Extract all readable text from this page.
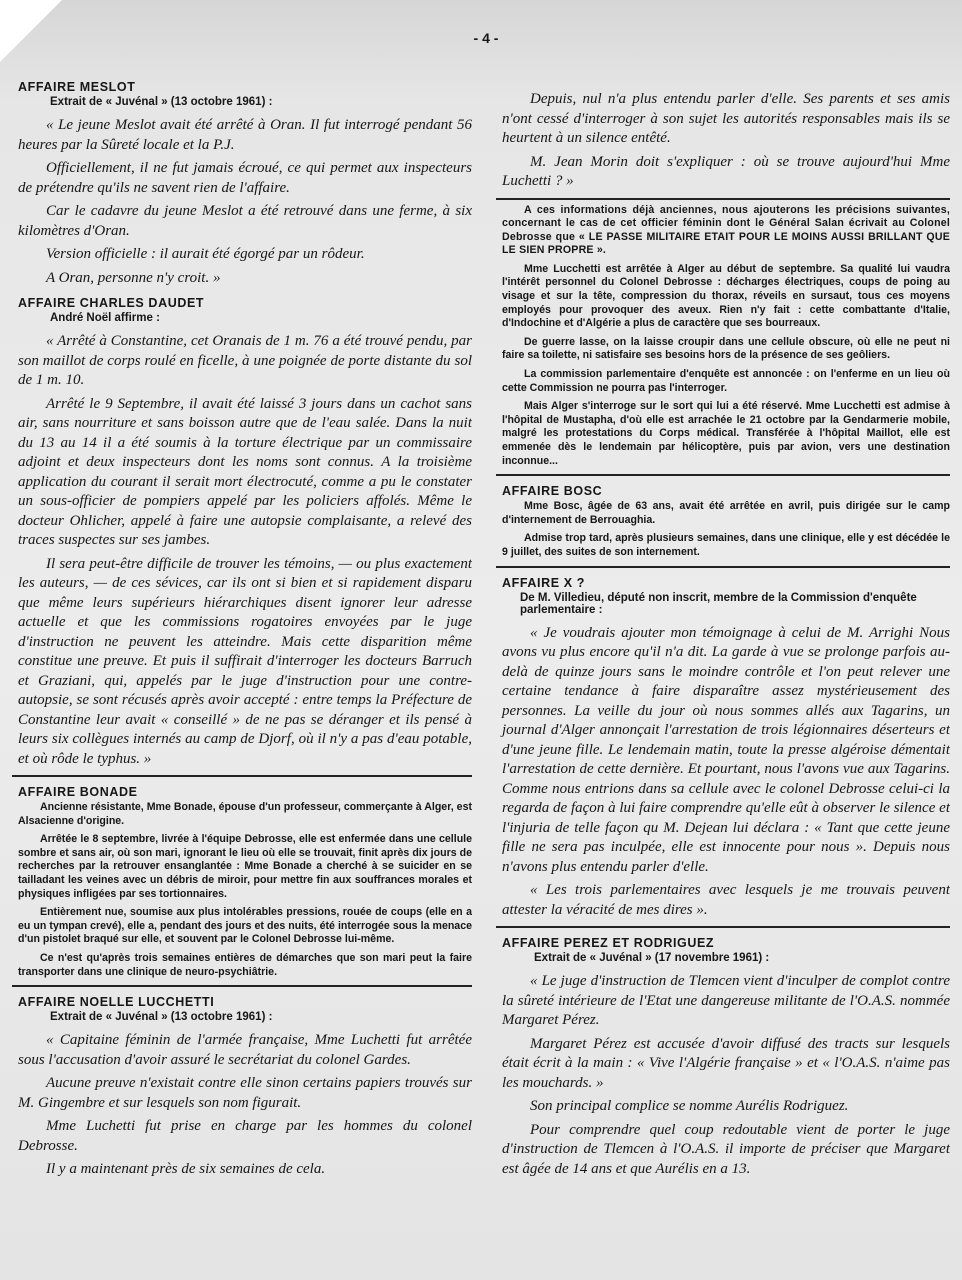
- 4 -
AFFAIRE MESLOT
Extrait de « Juvénal » (13 octobre 1961) :

« Le jeune Meslot avait été arrêté à Oran. Il fut interrogé pendant 56 heures par la Sûreté locale et la P.J.

Officiellement, il ne fut jamais écroué, ce qui permet aux inspecteurs de prétendre qu'ils ne savent rien de l'affaire.

Car le cadavre du jeune Meslot a été retrouvé dans une ferme, à six kilomètres d'Oran.

Version officielle : il aurait été égorgé par un rôdeur.

A Oran, personne n'y croit. »

AFFAIRE CHARLES DAUDET
André Noël affirme :

« Arrêté à Constantine, cet Oranais de 1 m. 76 a été trouvé pendu, par son maillot de corps roulé en ficelle, à une poignée de porte distante du sol de 1 m. 10.

Arrêté le 9 Septembre, il avait été laissé 3 jours dans un cachot sans air, sans nourriture et sans boisson autre que de l'eau salée. Dans la nuit du 13 au 14 il a été soumis à la torture électrique par un commissaire adjoint et deux inspecteurs dont les noms sont connus. A la troisième application du courant il serait mort électrocuté, comme a pu le constater un sous-officier de pompiers appelé par les policiers affolés. Même le docteur Ohlicher, appelé à faire une autopsie complaisante, a relevé des traces suspectes sur ses jambes.

Il sera peut-être difficile de trouver les témoins, — ou plus exactement les auteurs, — de ces sévices, car ils ont si bien et si rapidement disparu que même leurs supérieurs hiérarchiques disent ignorer leur adresse actuelle et que les commissions rogatoires envoyées par le juge d'instruction ne peuvent les atteindre. Mais cette disparition même constitue une preuve. Et puis il suffirait d'interroger les docteurs Barruch et Graziani, qui, appelés par le juge d'instruction pour une contre-autopsie, se sont récusés après avoir accepté : entre temps la Préfecture de Constantine leur avait « conseillé » de ne pas se déranger et ils pensé à leurs six collègues internés au camp de Djorf, où il n'y a pas d'eau potable, et où rôde le typhus. »

AFFAIRE BONADE

Ancienne résistante, Mme Bonade, épouse d'un professeur, commerçante à Alger, est Alsacienne d'origine.

Arrêtée le 8 septembre, livrée à l'équipe Debrosse, elle est enfermée dans une cellule sombre et sans air, où son mari, ignorant le lieu où elle se trouvait, finit après dix jours de recherches par la retrouver ensanglantée : Mme Bonade a cherché à se suicider en se tailladant les veines avec un débris de miroir, pour mettre fin aux souffrances morales et physiques infligées par ses tortionnaires.

Entièrement nue, soumise aux plus intolérables pressions, rouée de coups (elle en a eu un tympan crevé), elle a, pendant des jours et des nuits, été interrogée sous la menace d'un pistolet braqué sur elle, et souvent par le Colonel Debrosse lui-même.

Ce n'est qu'après trois semaines entières de démarches que son mari peut la faire transporter dans une clinique de neuro-psychiâtrie.

AFFAIRE NOELLE LUCCHETTI
Extrait de « Juvénal » (13 octobre 1961) :

« Capitaine féminin de l'armée française, Mme Luchetti fut arrêtée sous l'accusation d'avoir assuré le secrétariat du colonel Gardes.

Aucune preuve n'existait contre elle sinon certains papiers trouvés sur M. Gingembre et sur lesquels son nom figurait.

Mme Luchetti fut prise en charge par les hommes du colonel Debrosse.

Il y a maintenant près de six semaines de cela.

Depuis, nul n'a plus entendu parler d'elle. Ses parents et ses amis n'ont cessé d'interroger à son sujet les autorités responsables mais ils se heurtent à un silence entêté.

M. Jean Morin doit s'expliquer : où se trouve aujourd'hui Mme Luchetti ? »

A ces informations déjà anciennes, nous ajouterons les précisions suivantes, concernant le cas de cet officier féminin dont le Général Salan écrivait au Colonel Debrosse que « LE PASSE MILITAIRE ETAIT POUR LE MOINS AUSSI BRILLANT QUE LE SIEN PROPRE ».

Mme Lucchetti est arrêtée à Alger au début de septembre. Sa qualité lui vaudra l'intérêt personnel du Colonel Debrosse : décharges électriques, coups de poing au visage et sur la tête, compression du thorax, réveils en sursaut, tous ces moyens employés pour provoquer des aveux. Rien n'y fait : cette combattante d'Italie, d'Indochine et d'Algérie a plus de caractère que ses bourreaux.

De guerre lasse, on la laisse croupir dans une cellule obscure, où elle ne peut ni faire sa toilette, ni satisfaire ses besoins hors de la présence de ses geôliers.

La commission parlementaire d'enquête est annoncée : on l'enferme en un lieu où cette Commission ne pourra pas l'interroger.

Mais Alger s'interroge sur le sort qui lui a été réservé. Mme Lucchetti est admise à l'hôpital de Mustapha, d'où elle est arrachée le 21 octobre par la Gendarmerie mobile, malgré les protestations du Corps médical. Transférée à l'hôpital Maillot, elle est emmenée dès le lendemain par hélicoptère, puis par avion, vers une destination inconnue...

AFFAIRE BOSC

Mme Bosc, âgée de 63 ans, avait été arrêtée en avril, puis dirigée sur le camp d'internement de Berrouaghia.

Admise trop tard, après plusieurs semaines, dans une clinique, elle y est décédée le 9 juillet, des suites de son internement.

AFFAIRE X ?
De M. Villedieu, député non inscrit, membre de la Commission d'enquête parlementaire :

« Je voudrais ajouter mon témoignage à celui de M. Arrighi Nous avons vu plus encore qu'il n'a dit. La garde à vue se prolonge parfois au-delà de quinze jours sans le moindre contrôle et l'on peut relever une certaine tendance à faire disparaître assez mystérieusement des personnes. La veille du jour où nous sommes allés aux Tagarins, un journal d'Alger annonçait l'arrestation de trois légionnaires déserteurs et d'une jeune fille. Le lendemain matin, toute la presse algéroise démentait l'arrestation de cette dernière. Et pourtant, nous l'avons vue aux Tagarins. Comme nous entrions dans sa cellule avec le colonel Debrosse celui-ci la regarda de façon à lui faire comprendre qu'elle eût à observer le silence et l'injuria de telle façon qu M. Dejean lui déclara : « Tant que cette jeune fille ne sera pas inculpée, elle est innocente pour nous ». Depuis nous n'avons plus entendu parler d'elle.

« Les trois parlementaires avec lesquels je me trouvais peuvent attester la véracité de mes dires ».

AFFAIRE PEREZ ET RODRIGUEZ
Extrait de « Juvénal » (17 novembre 1961) :

« Le juge d'instruction de Tlemcen vient d'inculper de complot contre la sûreté intérieure de l'Etat une dangereuse militante de l'O.A.S. nommée Margaret Pérez.

Margaret Pérez est accusée d'avoir diffusé des tracts sur lesquels était écrit à la main : « Vive l'Algérie française » et « l'O.A.S. n'aime pas les mouchards. »

Son principal complice se nomme Aurélis Rodriguez.

Pour comprendre quel coup redoutable vient de porter le juge d'instruction de Tlemcen à l'O.A.S. il importe de préciser que Margaret est âgée de 14 ans et que Aurélis en a 13.
